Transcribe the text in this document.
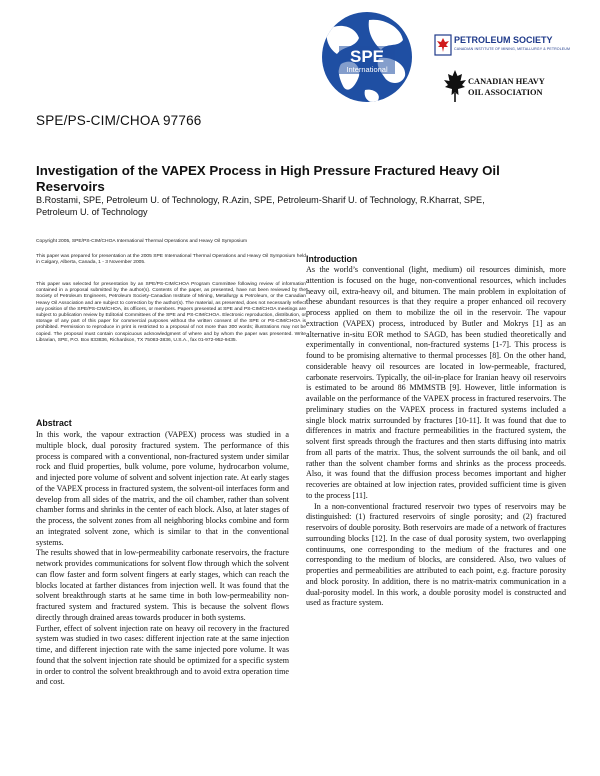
SPE
International
PETROLEUM SOCIETY
CANADIAN INSTITUTE OF MINING, METALLURGY & PETROLEUM
CANADIAN HEAVY
OIL ASSOCIATION
SPE/PS-CIM/CHOA 97766
Investigation of the VAPEX Process in High Pressure Fractured Heavy Oil
Reservoirs
B.Rostami, SPE, Petroleum U. of Technology, R.Azin, SPE, Petroleum-Sharif U. of Technology, R.Kharrat, SPE,
Petroleum U. of Technology
Copyright 2005, SPE/PS-CIM/CHOA International Thermal Operations and Heavy Oil Symposium
This paper was prepared for presentation at the 2005 SPE International Thermal Operations and Heavy Oil Symposium held in Calgary, Alberta, Canada, 1 - 3 November 2005.
This paper was selected for presentation by an SPE/PS-CIM/CHOA Program Committee following review of information contained in a proposal submitted by the author(s). Contents of the paper, as presented, have not been reviewed by the Society of Petroleum Engineers, Petroleum Society-Canadian Institute of Mining, Metallurgy & Petroleum, or the Canadian Heavy Oil Association and are subject to correction by the author(s). The material, as presented, does not necessarily reflect any position of the SPE/PS-CIM/CHOA, its officers, or members. Papers presented at SPE and PS-CIM/CHOA meetings are subject to publication review by Editorial Committees of the SPE and PS-CIM/CHOA. Electronic reproduction, distribution, or storage of any part of this paper for commercial purposes without the written consent of the SPE or PS-CIM/CHOA is prohibited. Permission to reproduce in print is restricted to a proposal of not more than 300 words; illustrations may not be copied. The proposal must contain conspicuous acknowledgment of where and by whom the paper was presented. Write Librarian, SPE, P.O. Box 833836, Richardson, TX 75083-3836, U.S.A., fax 01-972-952-9435.
Abstract

In this work, the vapour extraction (VAPEX) process was studied in a multiple block, dual porosity fractured system. The performance of this process is compared with a conventional, non-fractured system under similar rock and fluid properties, bulk volume, pore volume, hydrocarbon volume, and injected pore volume of solvent and solvent injection rate. At early stages of the VAPEX process in fractured system, the solvent-oil interfaces form and develop from all sides of the matrix, and the oil chamber, rather than solvent chamber forms and shrinks in the center of each block. Also, at later stages of the process, the solvent zones from all neighboring blocks combine and form an integrated solvent zone, which is similar to that in the conventional systems.

The results showed that in low-permeability carbonate reservoirs, the fracture network provides communications for solvent flow through which the solvent can flow faster and form solvent fingers at early stages, which can reach the blocks located at farther distances from injection well. It was found that the solvent breakthrough starts at he same time in both low-permeability non-fractured system and fractured system. This is because the solvent flows directly through drained areas towards producer in both systems.

Further, effect of solvent injection rate on heavy oil recovery in the fractured system was studied in two cases: different injection rate at the same injection time, and different injection rate with the same injected pore volume. It was found that the solvent injection rate should be optimized for a specific system in order to control the solvent breakthrough and to avoid extra operation time and cost.

Introduction

As the world’s conventional (light, medium) oil resources diminish, more attention is focused on the huge, non-conventional resources, which includes heavy oil, extra-heavy oil, and bitumen. The main problem in exploitation of these abundant resources is that they require a proper enhanced oil recovery process applied on them to mobilize the oil in the reservoir. The vapour extraction (VAPEX) process, introduced by Butler and Mokrys [1] as an alternative in-situ EOR method to SAGD, has been studied theoretically and experimentally in conventional, non-fractured systems [1-7]. This process is found to be promising alternative to thermal processes [8]. On the other hand, considerable heavy oil resources are located in low-permeable, fractured, carbonate reservoirs. Typically, the oil-in-place for Iranian heavy oil reservoirs is estimated to be around 86 MMMSTB [9]. However, little information is available on the performance of the VAPEX process in fractured reservoirs. The preliminary studies on the VAPEX process in fractured systems included a single block matrix surrounded by fractures [10-11]. It was found that due to differences in matrix and fracture permeabilities in the fractured system, the solvent first spreads through the fractures and then starts diffusing into matrix from all parts of the matrix. Thus, the solvent surrounds the oil bank, and oil rather than the solvent chamber forms and shrinks as the process proceeds. Also, it was found that the diffusion process becomes important and higher recoveries are obtained at low injection rates, provided sufficient time is given to the process [11].

In a non-conventional fractured reservoir two types of reservoirs may be distinguished: (1) fractured reservoirs of single porosity; and (2) fractured reservoirs of double porosity. Both reservoirs are made of a network of fractures surrounding blocks [12]. In the case of dual porosity system, two overlapping continuums, one corresponding to the medium of the fractures and one corresponding to the medium of blocks, are considered. Also, two values of properties and permeabilities are attributed to each point, e.g. fracture porosity and block porosity. In addition, there is no matrix-matrix communication in a dual-porosity model. In this work, a double porosity model is constructed and used as fracture system.
